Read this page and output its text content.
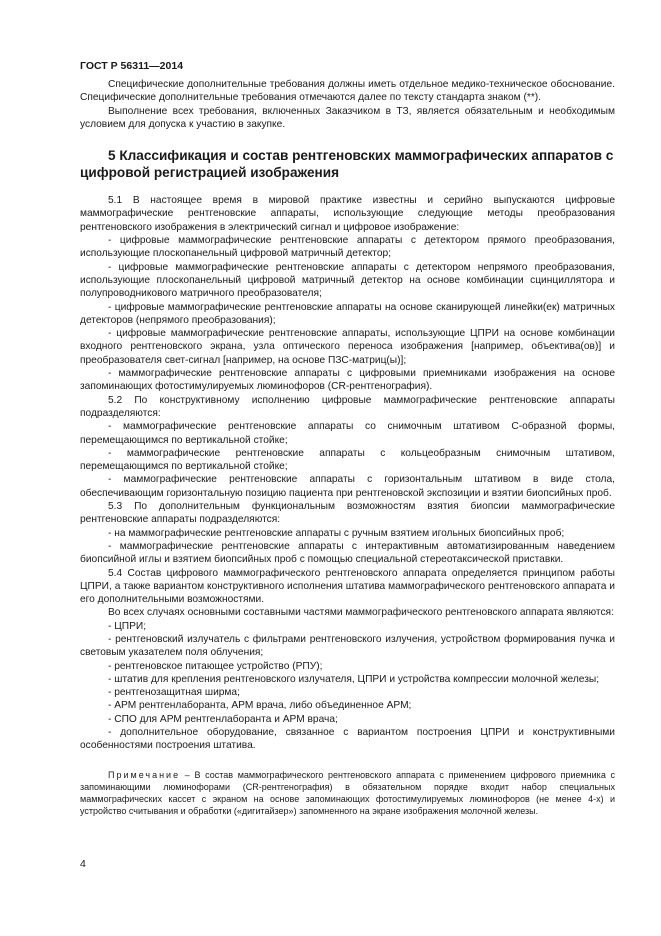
ГОСТ Р 56311—2014

Специфические дополнительные требования должны иметь отдельное медико-техническое обоснование. Специфические дополнительные требования отмечаются далее по тексту стандарта знаком (**).

Выполнение всех требования, включенных Заказчиком в ТЗ, является обязательным и необходимым условием для допуска к участию в закупке.

5 Классификация и состав рентгеновских маммографических аппаратов с цифровой регистрацией изображения

5.1 В настоящее время в мировой практике известны и серийно выпускаются цифровые маммографические рентгеновские аппараты, использующие следующие методы преобразования рентгеновского изображения в электрический сигнал и цифровое изображение:

- цифровые маммографические рентгеновские аппараты с детектором прямого преобразования, использующие плоскопанельный цифровой матричный детектор;

- цифровые маммографические рентгеновские аппараты с детектором непрямого преобразования, использующие плоскопанельный цифровой матричный детектор на основе комбинации сцинциллятора и полупроводникового матричного преобразователя;

- цифровые маммографические рентгеновские аппараты на основе сканирующей линейки(ек) матричных детекторов (непрямого преобразования);

- цифровые маммографические рентгеновские аппараты, использующие ЦПРИ на основе комбинации входного рентгеновского экрана, узла оптического переноса изображения [например, объектива(ов)] и преобразователя свет-сигнал [например, на основе ПЗС-матриц(ы)];

- маммографические рентгеновские аппараты с цифровыми приемниками изображения на основе запоминающих фотостимулируемых люминофоров (CR-рентгенография).

5.2 По конструктивному исполнению цифровые маммографические рентгеновские аппараты подразделяются:

- маммографические рентгеновские аппараты со снимочным штативом С-образной формы, перемещающимся по вертикальной стойке;

- маммографические рентгеновские аппараты с кольцеобразным снимочным штативом, перемещающимся по вертикальной стойке;

- маммографические рентгеновские аппараты с горизонтальным штативом в виде стола, обеспечивающим горизонтальную позицию пациента при рентгеновской экспозиции и взятии биопсийных проб.

5.3 По дополнительным функциональным возможностям взятия биопсии маммографические рентгеновские аппараты подразделяются:

- на маммографические рентгеновские аппараты с ручным взятием игольных биопсийных проб;

- маммографические рентгеновские аппараты с интерактивным автоматизированным наведением биопсийной иглы и взятием биопсийных проб с помощью специальной стереотаксической приставки.

5.4 Состав цифрового маммографического рентгеновского аппарата определяется принципом работы ЦПРИ, а также вариантом конструктивного исполнения штатива маммографического рентгеновского аппарата и его дополнительными возможностями.

Во всех случаях основными составными частями маммографического рентгеновского аппарата являются:

- ЦПРИ;

- рентгеновский излучатель с фильтрами рентгеновского излучения, устройством формирования пучка и световым указателем поля облучения;

- рентгеновское питающее устройство (РПУ);

- штатив для крепления рентгеновского излучателя, ЦПРИ и устройства компрессии молочной железы;

- рентгенозащитная ширма;

- АРМ рентгенлаборанта, АРМ врача, либо объединенное АРМ;

- СПО для АРМ рентгенлаборанта и АРМ врача;

- дополнительное оборудование, связанное с вариантом построения ЦПРИ и конструктивными особенностями построения штатива.

Примечание – В состав маммографического рентгеновского аппарата с применением цифрового приемника с запоминающими люминофорами (CR-рентгенография) в обязательном порядке входит набор специальных маммографических кассет с экраном на основе запоминающих фотостимулируемых люминофоров (не менее 4-х) и устройство считывания и обработки («дигитайзер») запомненного на экране изображения молочной железы.
4
